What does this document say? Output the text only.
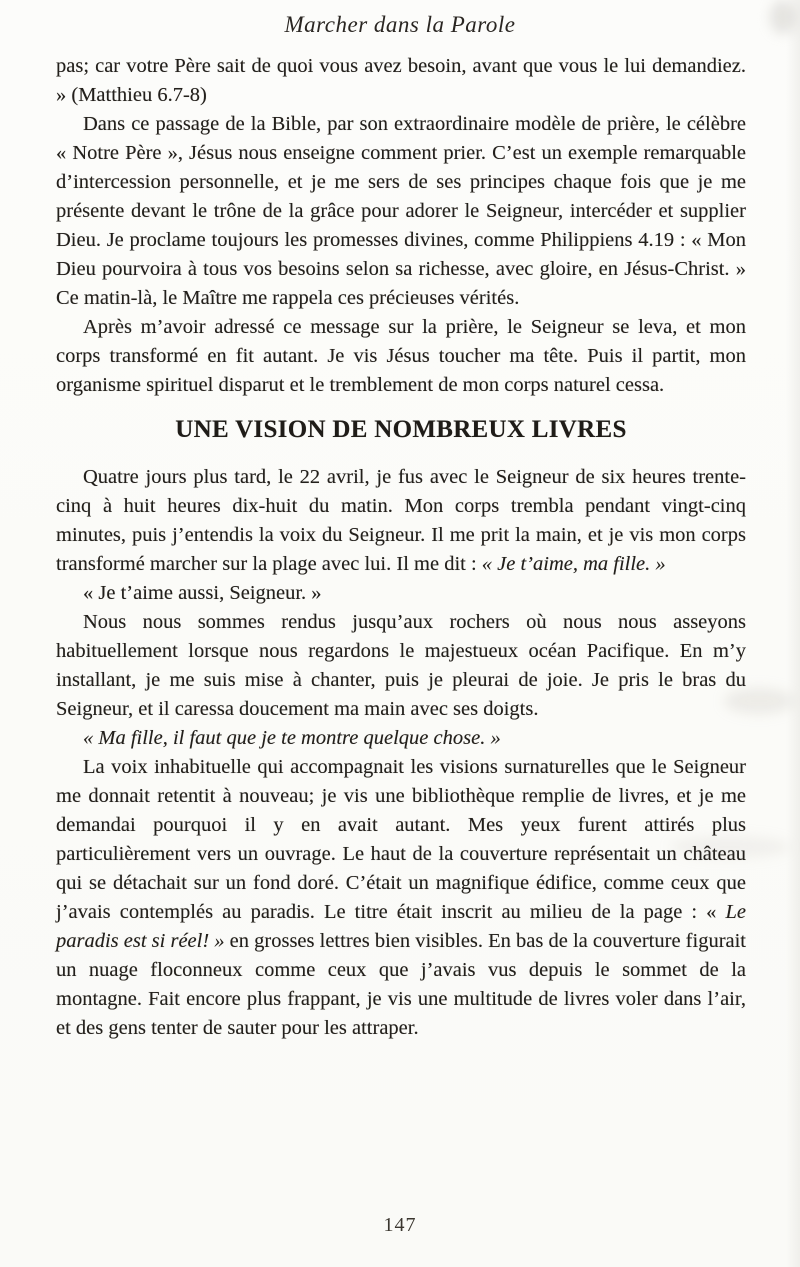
Marcher dans la Parole

pas; car votre Père sait de quoi vous avez besoin, avant que vous le lui demandiez. » (Matthieu 6.7-8)

Dans ce passage de la Bible, par son extraordinaire modèle de prière, le célèbre « Notre Père », Jésus nous enseigne comment prier. C’est un exemple remarquable d’intercession personnelle, et je me sers de ses principes chaque fois que je me présente devant le trône de la grâce pour adorer le Seigneur, intercéder et supplier Dieu. Je proclame toujours les promesses divines, comme Philippiens 4.19 : « Mon Dieu pourvoira à tous vos besoins selon sa richesse, avec gloire, en Jésus-Christ. » Ce matin-là, le Maître me rappela ces précieuses vérités.

Après m’avoir adressé ce message sur la prière, le Seigneur se leva, et mon corps transformé en fit autant. Je vis Jésus toucher ma tête. Puis il partit, mon organisme spirituel disparut et le tremblement de mon corps naturel cessa.

UNE VISION DE NOMBREUX LIVRES

Quatre jours plus tard, le 22 avril, je fus avec le Seigneur de six heures trente-cinq à huit heures dix-huit du matin. Mon corps trembla pendant vingt-cinq minutes, puis j’entendis la voix du Seigneur. Il me prit la main, et je vis mon corps transformé marcher sur la plage avec lui. Il me dit : « Je t’aime, ma fille. »

« Je t’aime aussi, Seigneur. »

Nous nous sommes rendus jusqu’aux rochers où nous nous asseyons habituellement lorsque nous regardons le majestueux océan Pacifique. En m’y installant, je me suis mise à chanter, puis je pleurai de joie. Je pris le bras du Seigneur, et il caressa doucement ma main avec ses doigts.

« Ma fille, il faut que je te montre quelque chose. »

La voix inhabituelle qui accompagnait les visions surnaturelles que le Seigneur me donnait retentit à nouveau; je vis une bibliothèque remplie de livres, et je me demandai pourquoi il y en avait autant. Mes yeux furent attirés plus particulièrement vers un ouvrage. Le haut de la couverture représentait un château qui se détachait sur un fond doré. C’était un magnifique édifice, comme ceux que j’avais contemplés au paradis. Le titre était inscrit au milieu de la page : « Le paradis est si réel! » en grosses lettres bien visibles. En bas de la couverture figurait un nuage floconneux comme ceux que j’avais vus depuis le sommet de la montagne. Fait encore plus frappant, je vis une multitude de livres voler dans l’air, et des gens tenter de sauter pour les attraper.

147
